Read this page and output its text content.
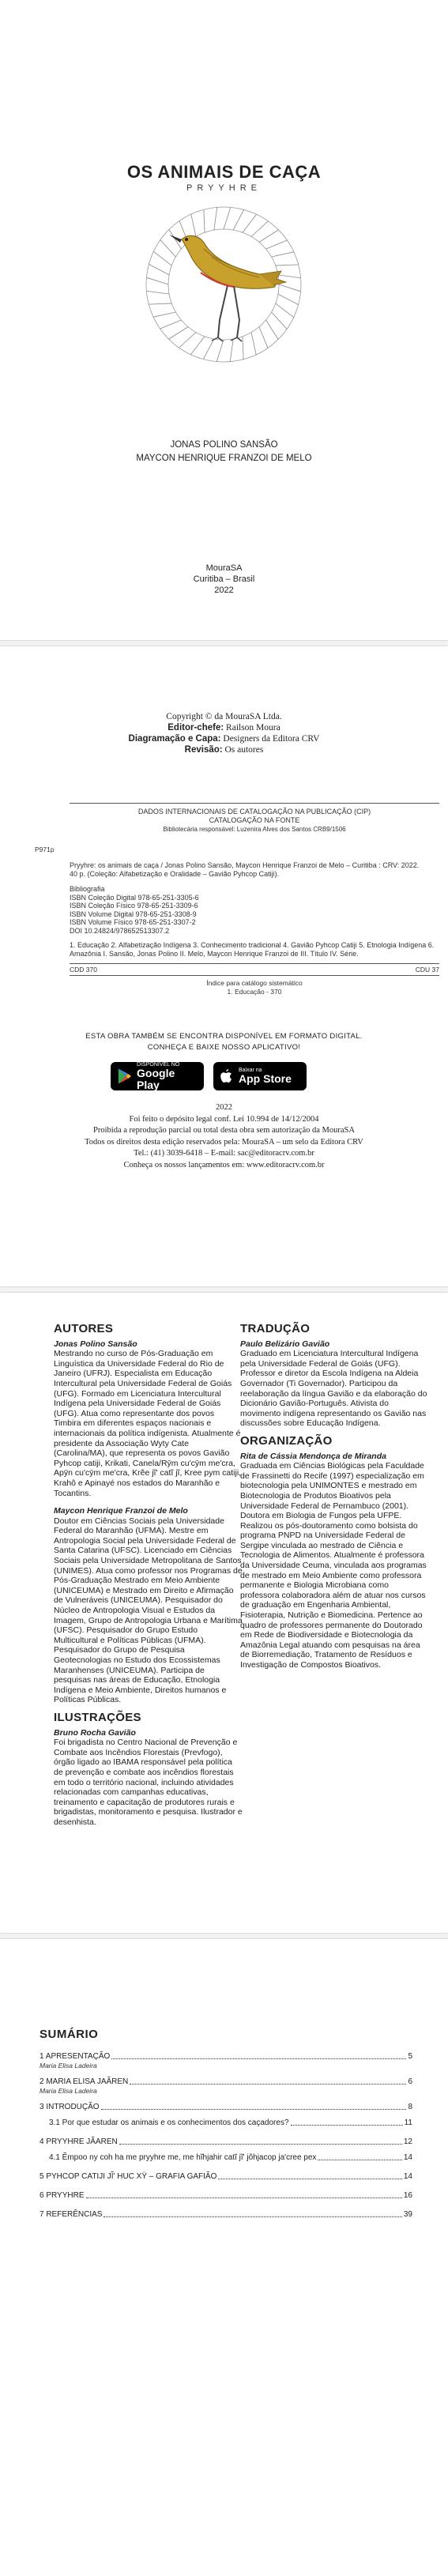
OS ANIMAIS DE CAÇA
PRYYHRE
JONAS POLINO SANSÃO
MAYCON HENRIQUE FRANZOI DE MELO
MouraSA
Curitiba – Brasil
2022
Copyright © da MouraSA Ltda.
Editor-chefe: Railson Moura
Diagramação e Capa: Designers da Editora CRV
Revisão: Os autores
DADOS INTERNACIONAIS DE CATALOGAÇÃO NA PUBLICAÇÃO (CIP)
CATALOGAÇÃO NA FONTE
Bibliotecária responsável: Luzenira Alves dos Santos CRB9/1506
P971p
Pryyhre: os animais de caça / Jonas Polino Sansão, Maycon Henrique Franzoi de Melo – Curitiba : CRV: 2022.
40 p. (Coleção: Alfabetização e Oralidade – Gavião Pyhcop Catiji).
Bibliografia
ISBN Coleção Digital 978-65-251-3305-6
ISBN Coleção Físico 978-65-251-3309-6
ISBN Volume Digital 978-65-251-3308-9
ISBN Volume Físico 978-65-251-3307-2
DOI 10.24824/978652513307.2
1. Educação 2. Alfabetização Indígena 3. Conhecimento tradicional 4. Gavião Pyhcop Catiji 5. Etnologia Indígena 6. Amazônia I. Sansão, Jonas Polino II. Melo, Maycon Henrique Franzoi de III. Título IV. Série.
CDD 370	CDU 37
Índice para catálogo sistemático
1. Educação - 370
ESTA OBRA TAMBÉM SE ENCONTRA DISPONÍVEL EM FORMATO DIGITAL.
CONHEÇA E BAIXE NOSSO APLICATIVO!
DISPONÍVEL NO
Google Play
Baixar na
App Store
2022
Foi feito o depósito legal conf. Lei 10.994 de 14/12/2004
Proibida a reprodução parcial ou total desta obra sem autorização da MouraSA
Todos os direitos desta edição reservados pela: MouraSA – um selo da Editora CRV
Tel.: (41) 3039-6418 – E-mail: sac@editoracrv.com.br
Conheça os nossos lançamentos em: www.editoracrv.com.br
AUTORES

Jonas Polino Sansão

Mestrando no curso de Pós-Graduação em Linguística da Universidade Federal do Rio de Janeiro (UFRJ). Especialista em Educação Intercultural pela Universidade Federal de Goiás (UFG). Formado em Licenciatura Intercultural Indígena pela Universidade Federal de Goiás (UFG). Atua como representante dos povos Timbira em diferentes espaços nacionais e internacionais da política indígenista. Atualmente é presidente da Associação Wyty Cate (Carolina/MA), que representa os povos Gavião Pyhcop catiji, Krikati, Canela/Rȳm cu'cȳm me'cra, Apȳn cu'cȳm me'cra, Krĕe jĩ' catĩ jĩ, Kree pym catiji, Krahô e Apinayé nos estados do Maranhão e Tocantins.

Maycon Henrique Franzoi de Melo

Doutor em Ciências Sociais pela Universidade Federal do Maranhão (UFMA). Mestre em Antropologia Social pela Universidade Federal de Santa Catarina (UFSC). Licenciado em Ciências Sociais pela Universidade Metropolitana de Santos (UNIMES). Atua como professor nos Programas de Pós-Graduação Mestrado em Meio Ambiente (UNICEUMA) e Mestrado em Direito e Afirmação de Vulneráveis (UNICEUMA). Pesquisador do Núcleo de Antropologia Visual e Estudos da Imagem, Grupo de Antropologia Urbana e Marítima (UFSC). Pesquisador do Grupo Estudo Multicultural e Políticas Públicas (UFMA). Pesquisador do Grupo de Pesquisa Geotecnologias no Estudo dos Ecossistemas Maranhenses (UNICEUMA). Participa de pesquisas nas áreas de Educação, Etnologia Indígena e Meio Ambiente, Direitos humanos e Políticas Públicas.

ILUSTRAÇÕES

Bruno Rocha Gavião

Foi brigadista no Centro Nacional de Prevenção e Combate aos Incêndios Florestais (Prevfogo), órgão ligado ao IBAMA responsável pela política de prevenção e combate aos incêndios florestais em todo o território nacional, incluindo atividades relacionadas com campanhas educativas, treinamento e capacitação de produtores rurais e brigadistas, monitoramento e pesquisa. Ilustrador e desenhista.

TRADUÇÃO

Paulo Belizário Gavião

Graduado em Licenciatura Intercultural Indígena pela Universidade Federal de Goiás (UFG). Professor e diretor da Escola Indígena na Aldeia Governador (Ti Governador). Participou da reelaboração da língua Gavião e da elaboração do Dicionário Gavião-Português. Ativista do movimento indígena representando os Gavião nas discussões sobre Educação Indígena.

ORGANIZAÇÃO

Rita de Cássia Mendonça de Miranda

Graduada em Ciências Biológicas pela Faculdade de Frassinetti do Recife (1997) especialização em biotecnologia pela UNIMONTES e mestrado em Biotecnologia de Produtos Bioativos pela Universidade Federal de Pernambuco (2001). Doutora em Biologia de Fungos pela UFPE. Realizou os pós-doutoramento como bolsista do programa PNPD na Universidade Federal de Sergipe vinculada ao mestrado de Ciência e Tecnologia de Alimentos. Atualmente é professora da Universidade Ceuma, vinculada aos programas de mestrado em Meio Ambiente como professora permanente e Biologia Microbiana como professora colaboradora além de atuar nos cursos de graduação em Engenharia Ambiental, Fisioterapia, Nutrição e Biomedicina. Pertence ao quadro de professores permanente do Doutorado em Rede de Biodiversidade e Biotecnologia da Amazônia Legal atuando com pesquisas na área de Biorremediação, Tratamento de Resíduos e Investigação de Compostos Bioativos.

SUMÁRIO
1 APRESENTAÇÃO	5
Maria Elisa Ladeira
2 MARIA ELISA JAÃREN	6
Maria Elisa Ladeira
3 INTRODUÇÃO	8
3.1 Por que estudar os animais e os conhecimentos dos caçadores?	11
4 PRYYHRE JÃAREN	12
4.1 Ẽmpoo ny coh ha me pryyhre me, me hĩhjahir catĩ jĩ' jõhjacop ja'cree pex	14
5 PYHCOP CATIJI JĨ' HUC XŸ – GRAFIA GAFIÃO	14
6 PRYYHRE	16
7 REFERÊNCIAS	39
